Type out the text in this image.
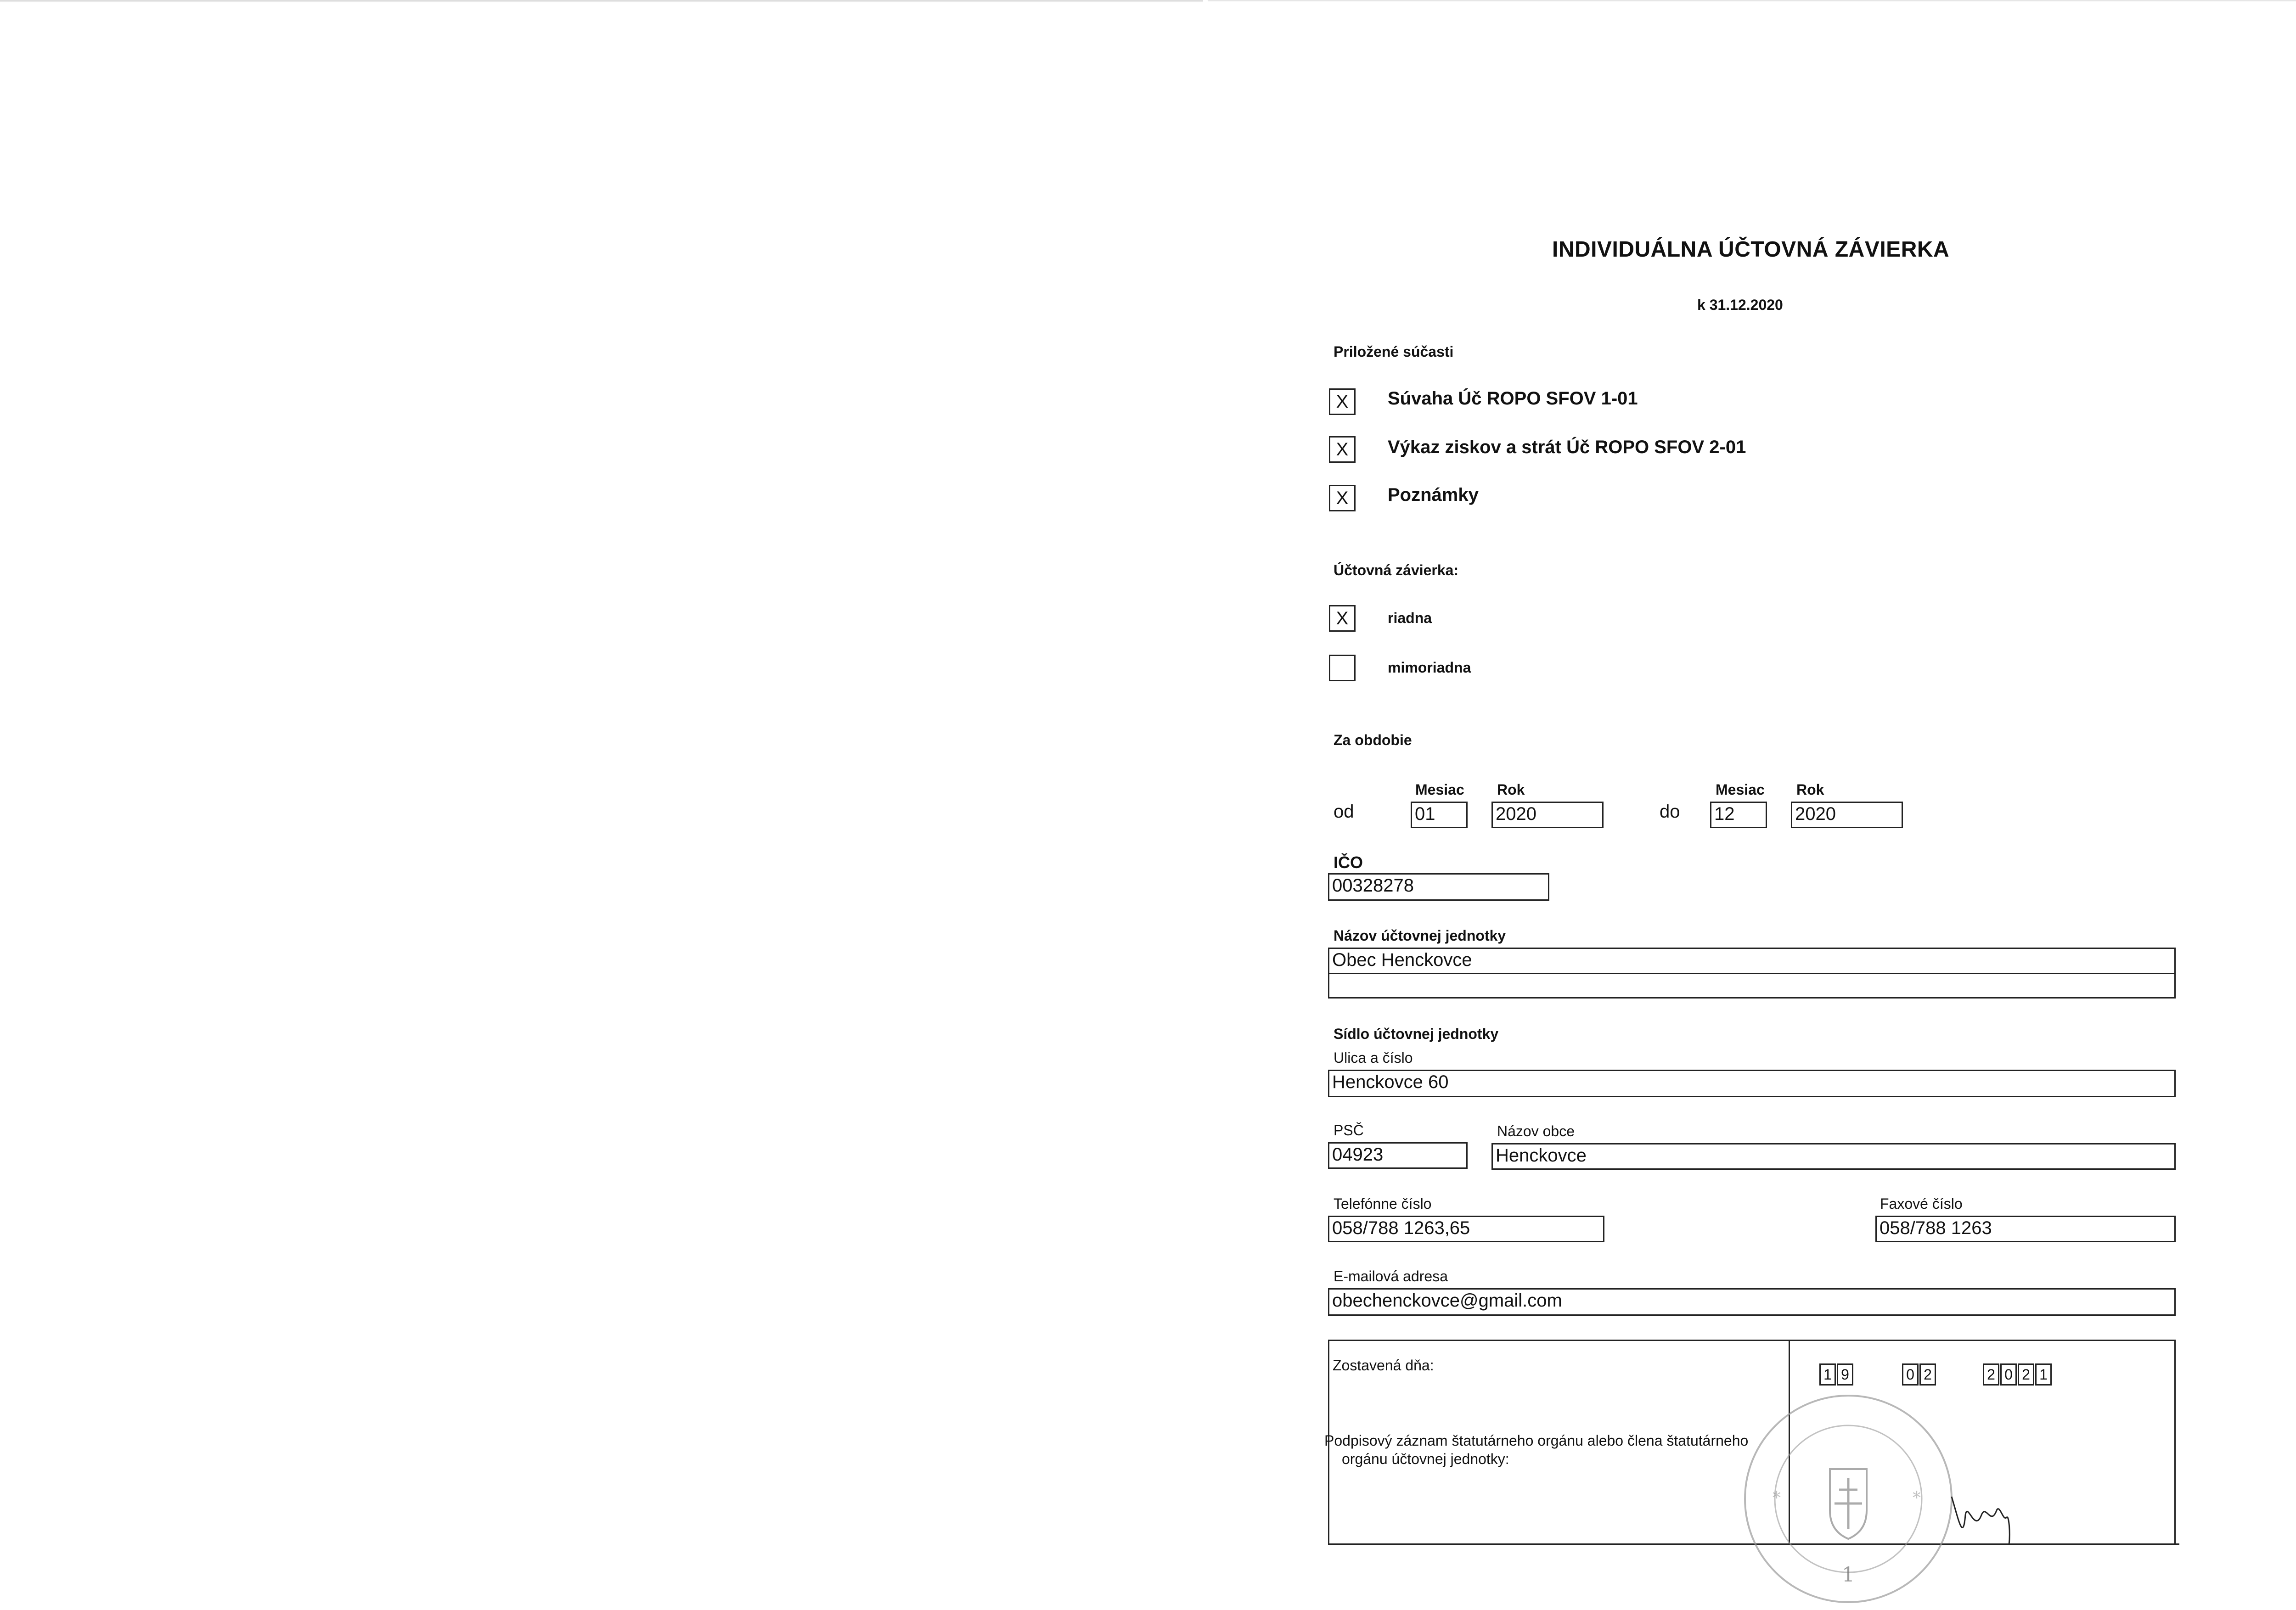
INDIVIDUÁLNA ÚČTOVNÁ ZÁVIERKA
k 31.12.2020
Priložené súčasti
X	Súvaha Úč ROPO SFOV 1-01
X	Výkaz ziskov a strát Úč ROPO SFOV 2-01
X	Poznámky
Účtovná závierka:
X	riadna
mimoriadna
Za obdobie
Mesiac Rok
od	01	2020
Mesiac Rok
do 12	2020
IČO
00328278
Názov účtovnej jednotky
Obec Henckovce
Sídlo účtovnej jednotky
Ulica a číslo
Henckovce 60
PSČ
04923
Názov obce
Henckovce
Telefónne číslo
058/788 1263,65
Faxové číslo
058/788 1263
E-mailová adresa
obechenckovce@gmail.com
Zostavená dňa:
1 9	0 2	2 0 2 1
Podpisový záznam štatutárneho orgánu alebo člena štatutárneho
orgánu účtovnej jednotky:
1
*	*
